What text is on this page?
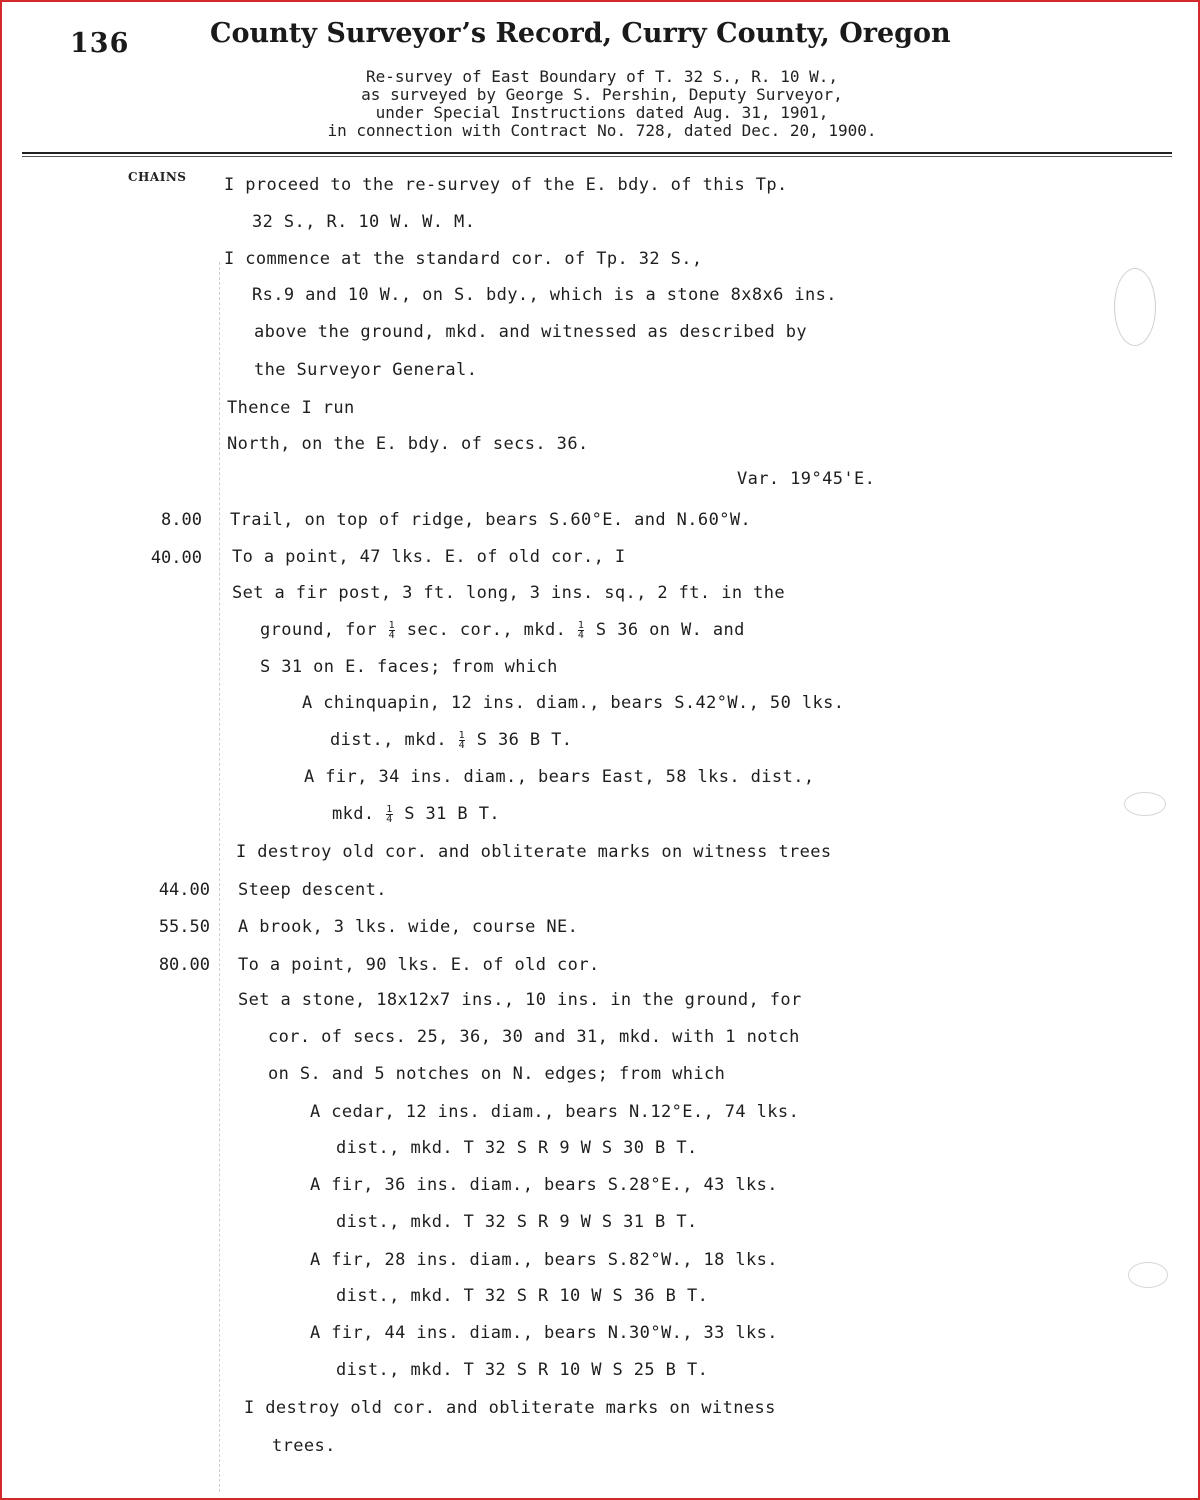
136	County Surveyor’s Record, Curry County, Oregon
Re-survey of East Boundary of T. 32 S., R. 10 W.,
as surveyed by George S. Pershin, Deputy Surveyor,
under Special Instructions dated Aug. 31, 1901,
in connection with Contract No. 728, dated Dec. 20, 1900.
CHAINS
8.00
40.00
44.00
55.50
80.00
I proceed to the re-survey of the E. bdy. of this Tp.
32 S., R. 10 W. W. M.
I commence at the standard cor. of Tp. 32 S.,
Rs.9 and 10 W., on S. bdy., which is a stone 8x8x6 ins.
above the ground, mkd. and witnessed as described by
the Surveyor General.
Thence I run
North, on the E. bdy. of secs. 36.
Var. 19°45'E.
Trail, on top of ridge, bears S.60°E. and N.60°W.
To a point, 47 lks. E. of old cor., I
Set a fir post, 3 ft. long, 3 ins. sq., 2 ft. in the
ground, for $\frac{1}{4} \sec$. cor., mkd. $\frac{1}{4}$ S 36 on W. and
S 31 on E. faces; from which
A chinquapin, 12 ins. diam., bears S.42°W., 50 lks.
dist., mkd. $\frac{1}{4}$ S 36 B T.
A fir, 34 ins. diam., bears East, 58 lks. dist.,
mkd. $\frac{1}{4}$ S 31 B T.
I destroy old cor. and obliterate marks on witness trees
Steep descent.
A brook, 3 lks. wide, course NE.
To a point, 90 lks. E. of old cor.
Set a stone, 18x12x7 ins., 10 ins. in the ground, for
cor. of secs. 25, 36, 30 and 31, mkd. with 1 notch
on S. and 5 notches on N. edges; from which
A cedar, 12 ins. diam., bears N.12°E., 74 lks.
dist., mkd. T 32 S R 9 W S 30 B T.
A fir, 36 ins. diam., bears S.28°E., 43 lks.
dist., mkd. T 32 S R 9 W S 31 B T.
A fir, 28 ins. diam., bears S.82°W., 18 lks.
dist., mkd. T 32 S R 10 W S 36 B T.
A fir, 44 ins. diam., bears N.30°W., 33 lks.
dist., mkd. T 32 S R 10 W S 25 B T.
I destroy old cor. and obliterate marks on witness
trees.
